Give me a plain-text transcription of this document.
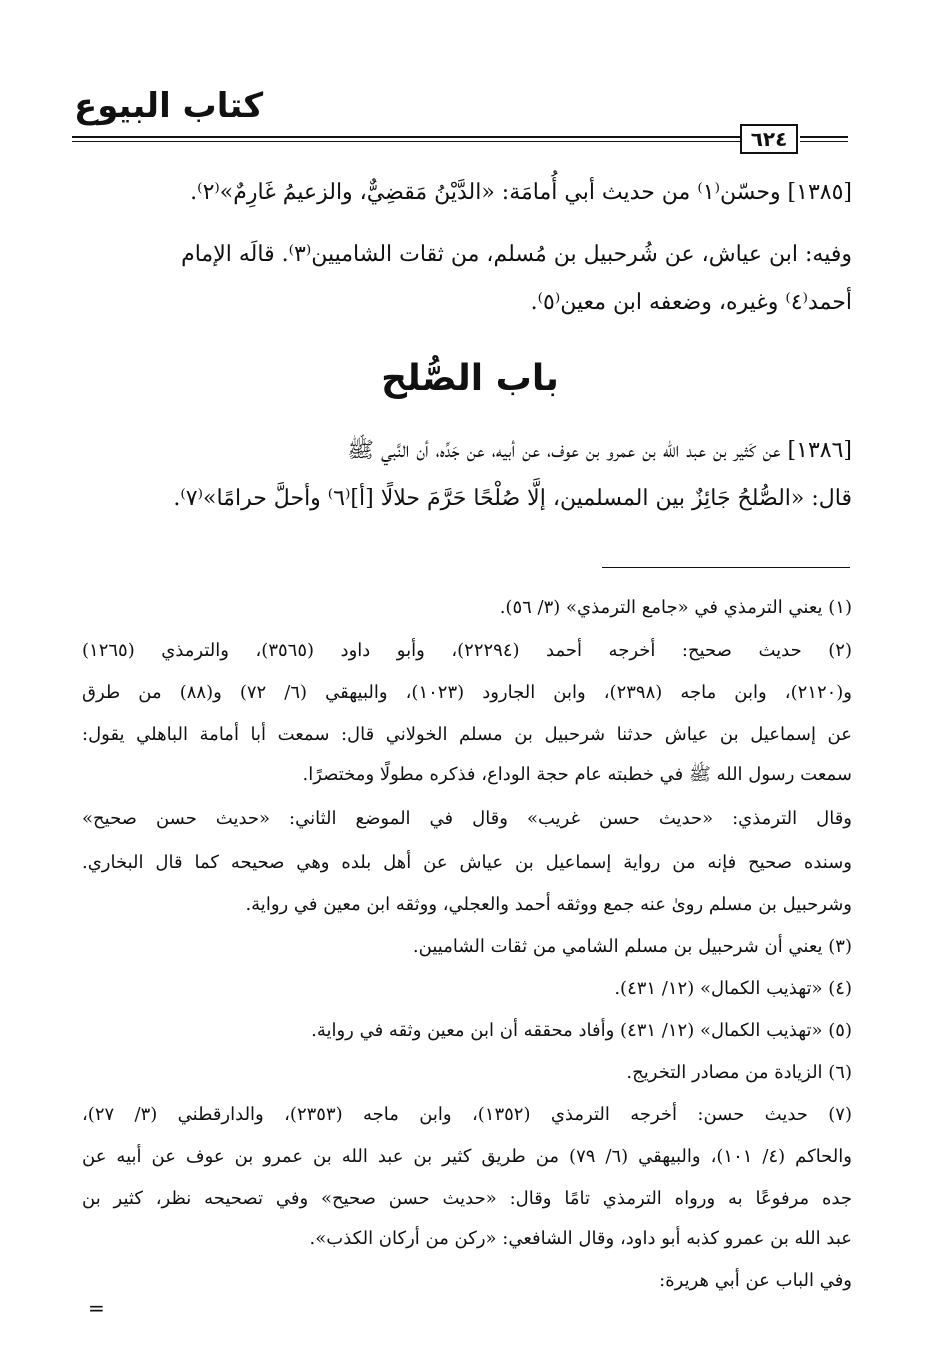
كتاب البيوع
٦٢٤
[١٣٨٥] وحسّن⁽١⁾ من حديث أبي أُمامَة: «الدَّيْنُ مَقضِيٌّ، والزعيمُ غَارِمٌ»⁽٢⁾.
وفيه: ابن عياش، عن شُرحبيل بن مُسلم، من ثقات الشاميين⁽٣⁾. قالَه الإمام
أحمد⁽٤⁾ وغيره، وضعفه ابن معين⁽٥⁾.
باب الصُّلح
[١٣٨٦] عن كَثير بن عبد الله بن عمرو بن عوف، عن أبيه، عن جَدِّه، أن النَّبي ﷺ
قال: «الصُّلحُ جَائِزٌ بين المسلمين، إلَّا صُلْحًا حَرَّمَ حلالًا [أ]⁽٦⁾ وأحلَّ حرامًا»⁽٧⁾.
(١) يعني الترمذي في «جامع الترمذي» (٣/ ٥٦).
(٢) حديث صحيح: أخرجه أحمد (٢٢٢٩٤)، وأبو داود (٣٥٦٥)، والترمذي (١٢٦٥)
و(٢١٢٠)، وابن ماجه (٢٣٩٨)، وابن الجارود (١٠٢٣)، والبيهقي (٦/ ٧٢) و(٨٨) من طرق
عن إسماعيل بن عياش حدثنا شرحبيل بن مسلم الخولاني قال: سمعت أبا أمامة الباهلي يقول:
سمعت رسول الله ﷺ في خطبته عام حجة الوداع، فذكره مطولًا ومختصرًا.
وقال الترمذي: «حديث حسن غريب» وقال في الموضع الثاني: «حديث حسن صحيح»
وسنده صحيح فإنه من رواية إسماعيل بن عياش عن أهل بلده وهي صحيحه كما قال البخاري.
وشرحبيل بن مسلم روىٰ عنه جمع ووثقه أحمد والعجلي، ووثقه ابن معين في رواية.
(٣) يعني أن شرحبيل بن مسلم الشامي من ثقات الشاميين.
(٤) «تهذيب الكمال» (١٢/ ٤٣١).
(٥) «تهذيب الكمال» (١٢/ ٤٣١) وأفاد محققه أن ابن معين وثقه في رواية.
(٦) الزيادة من مصادر التخريج.
(٧) حديث حسن: أخرجه الترمذي (١٣٥٢)، وابن ماجه (٢٣٥٣)، والدارقطني (٣/ ٢٧)،
والحاكم (٤/ ١٠١)، والبيهقي (٦/ ٧٩) من طريق كثير بن عبد الله بن عمرو بن عوف عن أبيه عن
جده مرفوعًا به ورواه الترمذي تامًا وقال: «حديث حسن صحيح» وفي تصحيحه نظر، كثير بن
عبد الله بن عمرو كذبه أبو داود، وقال الشافعي: «ركن من أركان الكذب».
وفي الباب عن أبي هريرة:
=
